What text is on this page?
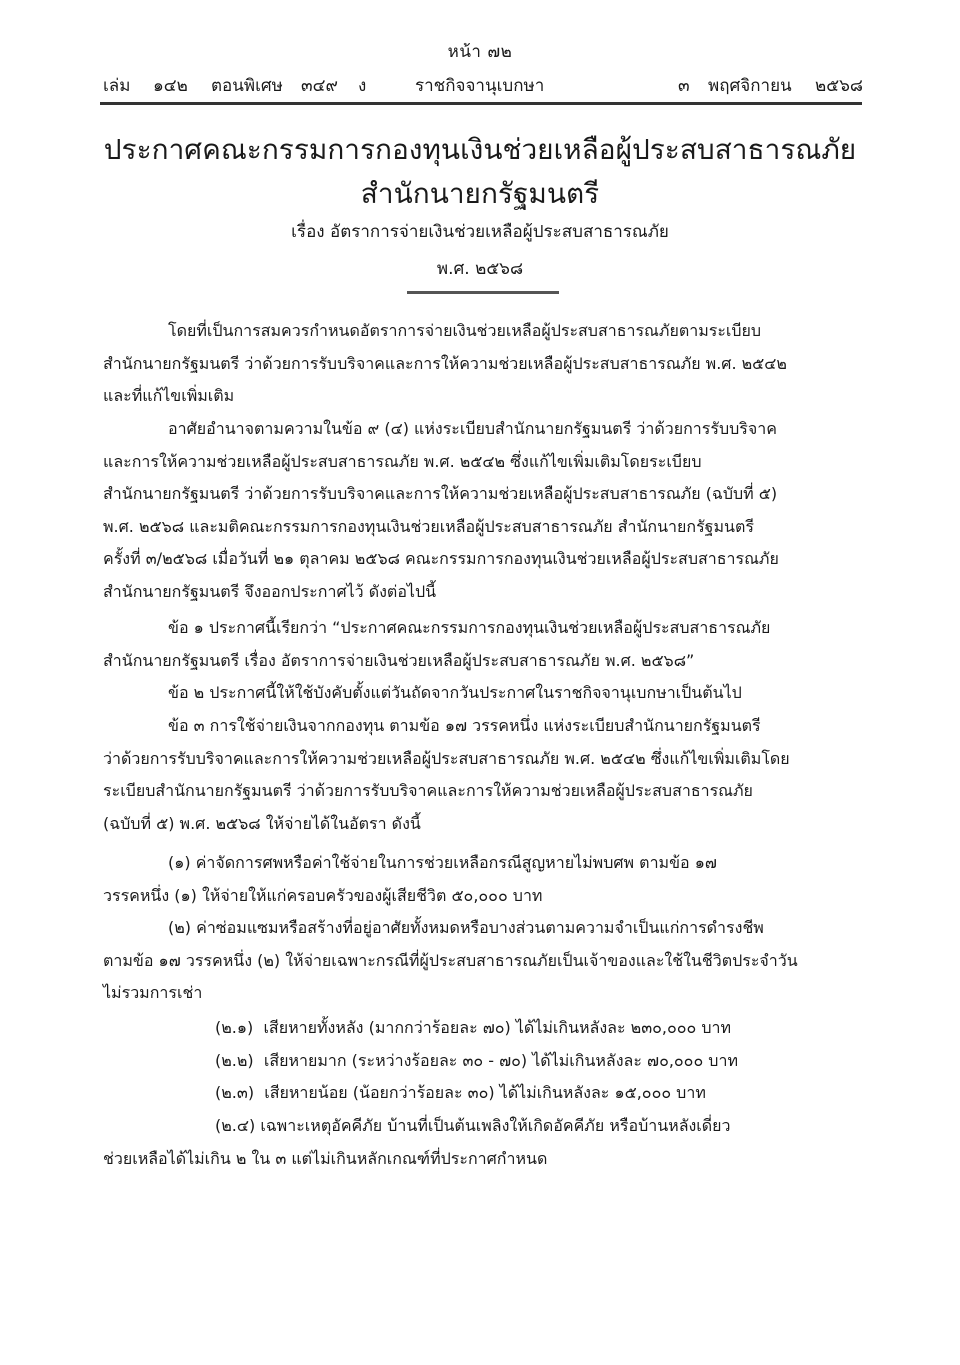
หน้า ๗๒
เล่ม ๑๔๒ ตอนพิเศษ ๓๔๙ ง	ราชกิจจานุเบกษา	๓ พฤศจิกายน ๒๕๖๘
ประกาศคณะกรรมการกองทุนเงินช่วยเหลือผู้ประสบสาธารณภัย
สำนักนายกรัฐมนตรี
เรื่อง อัตราการจ่ายเงินช่วยเหลือผู้ประสบสาธารณภัย
พ.ศ. ๒๕๖๘
โดยที่เป็นการสมควรกำหนดอัตราการจ่ายเงินช่วยเหลือผู้ประสบสาธารณภัยตามระเบียบ
สำนักนายกรัฐมนตรี ว่าด้วยการรับบริจาคและการให้ความช่วยเหลือผู้ประสบสาธารณภัย พ.ศ. ๒๕๔๒
และที่แก้ไขเพิ่มเติม
อาศัยอำนาจตามความในข้อ ๙ (๔) แห่งระเบียบสำนักนายกรัฐมนตรี ว่าด้วยการรับบริจาค
และการให้ความช่วยเหลือผู้ประสบสาธารณภัย พ.ศ. ๒๕๔๒ ซึ่งแก้ไขเพิ่มเติมโดยระเบียบ
สำนักนายกรัฐมนตรี ว่าด้วยการรับบริจาคและการให้ความช่วยเหลือผู้ประสบสาธารณภัย (ฉบับที่ ๕)
พ.ศ. ๒๕๖๘ และมติคณะกรรมการกองทุนเงินช่วยเหลือผู้ประสบสาธารณภัย สำนักนายกรัฐมนตรี
ครั้งที่ ๓/๒๕๖๘ เมื่อวันที่ ๒๑ ตุลาคม ๒๕๖๘ คณะกรรมการกองทุนเงินช่วยเหลือผู้ประสบสาธารณภัย
สำนักนายกรัฐมนตรี จึงออกประกาศไว้ ดังต่อไปนี้
ข้อ ๑ ประกาศนี้เรียกว่า “ประกาศคณะกรรมการกองทุนเงินช่วยเหลือผู้ประสบสาธารณภัย
สำนักนายกรัฐมนตรี เรื่อง อัตราการจ่ายเงินช่วยเหลือผู้ประสบสาธารณภัย พ.ศ. ๒๕๖๘”
ข้อ ๒ ประกาศนี้ให้ใช้บังคับตั้งแต่วันถัดจากวันประกาศในราชกิจจานุเบกษาเป็นต้นไป
ข้อ ๓ การใช้จ่ายเงินจากกองทุน ตามข้อ ๑๗ วรรคหนึ่ง แห่งระเบียบสำนักนายกรัฐมนตรี
ว่าด้วยการรับบริจาคและการให้ความช่วยเหลือผู้ประสบสาธารณภัย พ.ศ. ๒๕๔๒ ซึ่งแก้ไขเพิ่มเติมโดย
ระเบียบสำนักนายกรัฐมนตรี ว่าด้วยการรับบริจาคและการให้ความช่วยเหลือผู้ประสบสาธารณภัย
(ฉบับที่ ๕) พ.ศ. ๒๕๖๘ ให้จ่ายได้ในอัตรา ดังนี้
(๑) ค่าจัดการศพหรือค่าใช้จ่ายในการช่วยเหลือกรณีสูญหายไม่พบศพ ตามข้อ ๑๗
วรรคหนึ่ง (๑) ให้จ่ายให้แก่ครอบครัวของผู้เสียชีวิต ๕๐,๐๐๐ บาท
(๒) ค่าซ่อมแซมหรือสร้างที่อยู่อาศัยทั้งหมดหรือบางส่วนตามความจำเป็นแก่การดำรงชีพ
ตามข้อ ๑๗ วรรคหนึ่ง (๒) ให้จ่ายเฉพาะกรณีที่ผู้ประสบสาธารณภัยเป็นเจ้าของและใช้ในชีวิตประจำวัน
ไม่รวมการเช่า
(๒.๑) เสียหายทั้งหลัง (มากกว่าร้อยละ ๗๐) ได้ไม่เกินหลังละ ๒๓๐,๐๐๐ บาท
(๒.๒) เสียหายมาก (ระหว่างร้อยละ ๓๐ - ๗๐) ได้ไม่เกินหลังละ ๗๐,๐๐๐ บาท
(๒.๓) เสียหายน้อย (น้อยกว่าร้อยละ ๓๐) ได้ไม่เกินหลังละ ๑๕,๐๐๐ บาท
(๒.๔) เฉพาะเหตุอัคคีภัย บ้านที่เป็นต้นเพลิงให้เกิดอัคคีภัย หรือบ้านหลังเดี่ยว
ช่วยเหลือได้ไม่เกิน ๒ ใน ๓ แต่ไม่เกินหลักเกณฑ์ที่ประกาศกำหนด
